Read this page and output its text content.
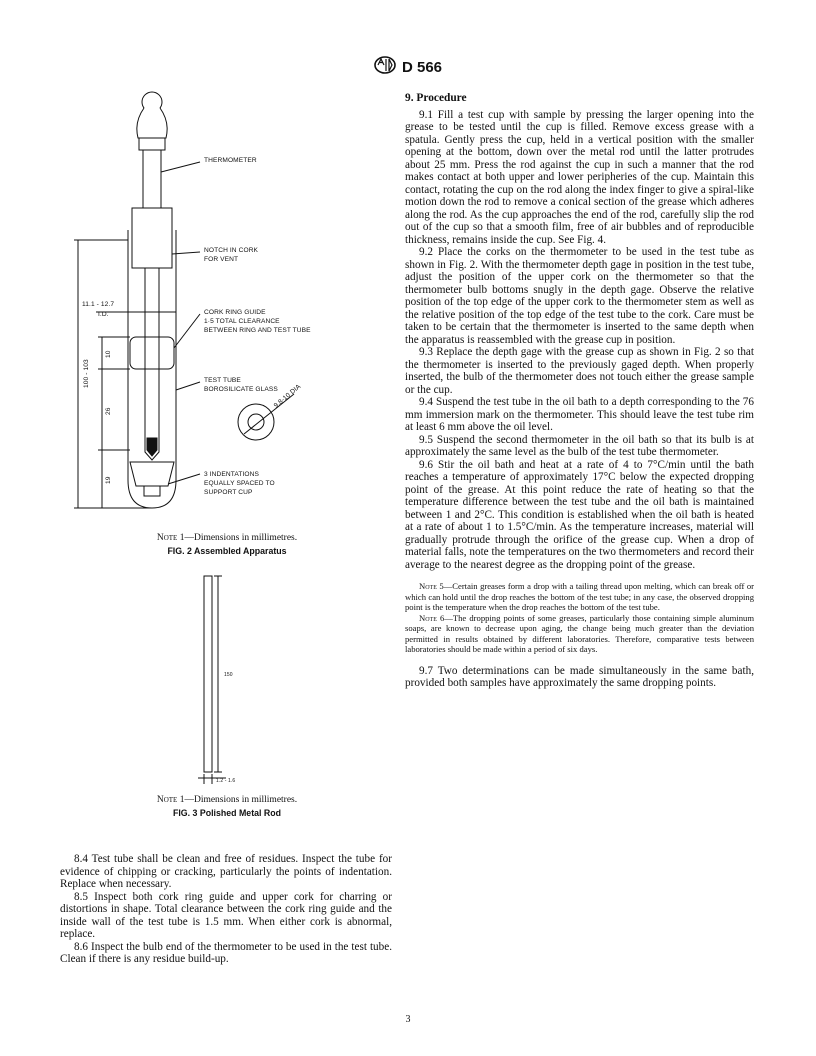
D 566
THERMOMETER
NOTCH IN CORK
FOR VENT
CORK RING GUIDE
1·5 TOTAL CLEARANCE
BETWEEN RING AND TEST TUBE
TEST TUBE
BOROSILICATE GLASS
3 INDENTATIONS
EQUALLY SPACED TO
SUPPORT CUP
11.1 - 12.7
I.D.
100 - 103
10
26
19
9.8-10 DIA
Note 1—Dimensions in millimetres.
FIG. 2 Assembled Apparatus
150
1.2 - 1.6
Note 1—Dimensions in millimetres.
FIG. 3 Polished Metal Rod

8.4 Test tube shall be clean and free of residues. Inspect the tube for evidence of chipping or cracking, particularly the points of indentation. Replace when necessary.

8.5 Inspect both cork ring guide and upper cork for charring or distortions in shape. Total clearance between the cork ring guide and the inside wall of the test tube is 1.5 mm. When either cork is abnormal, replace.

8.6 Inspect the bulb end of the thermometer to be used in the test tube. Clean if there is any residue build-up.

9. Procedure

9.1 Fill a test cup with sample by pressing the larger opening into the grease to be tested until the cup is filled. Remove excess grease with a spatula. Gently press the cup, held in a vertical position with the smaller opening at the bottom, down over the metal rod until the latter protrudes about 25 mm. Press the rod against the cup in such a manner that the rod makes contact at both upper and lower peripheries of the cup. Maintain this contact, rotating the cup on the rod along the index finger to give a spiral-like motion down the rod to remove a conical section of the grease which adheres along the rod. As the cup approaches the end of the rod, carefully slip the rod out of the cup so that a smooth film, free of air bubbles and of reproducible thickness, remains inside the cup. See Fig. 4.

9.2 Place the corks on the thermometer to be used in the test tube as shown in Fig. 2. With the thermometer depth gage in position in the test tube, adjust the position of the upper cork on the thermometer so that the thermometer bulb bottoms snugly in the depth gage. Observe the relative position of the top edge of the upper cork to the thermometer stem as well as the relative position of the top edge of the test tube to the cork. Care must be taken to be certain that the thermometer is inserted to the same depth when the apparatus is reassembled with the grease cup in position.

9.3 Replace the depth gage with the grease cup as shown in Fig. 2 so that the thermometer is inserted to the previously gaged depth. When properly inserted, the bulb of the thermometer does not touch either the grease sample or the cup.

9.4 Suspend the test tube in the oil bath to a depth corresponding to the 76 mm immersion mark on the thermometer. This should leave the test tube rim at least 6 mm above the oil level.

9.5 Suspend the second thermometer in the oil bath so that its bulb is at approximately the same level as the bulb of the test tube thermometer.

9.6 Stir the oil bath and heat at a rate of 4 to 7°C/min until the bath reaches a temperature of approximately 17°C below the expected dropping point of the grease. At this point reduce the rate of heating so that the temperature difference between the test tube and the oil bath is maintained between 1 and 2°C. This condition is established when the oil bath is heated at a rate of about 1 to 1.5°C/min. As the temperature increases, material will gradually protrude through the orifice of the grease cup. When a drop of material falls, note the temperatures on the two thermometers and record their average to the nearest degree as the dropping point of the grease.

Note 5—Certain greases form a drop with a tailing thread upon melting, which can break off or which can hold until the drop reaches the bottom of the test tube; in any case, the observed dropping point is the temperature when the drop reaches the bottom of the test tube.

Note 6—The dropping points of some greases, particularly those containing simple aluminum soaps, are known to decrease upon aging, the change being much greater than the deviation permitted in results obtained by different laboratories. Therefore, comparative tests between laboratories should be made within a period of six days.

9.7 Two determinations can be made simultaneously in the same bath, provided both samples have approximately the same dropping points.

3
